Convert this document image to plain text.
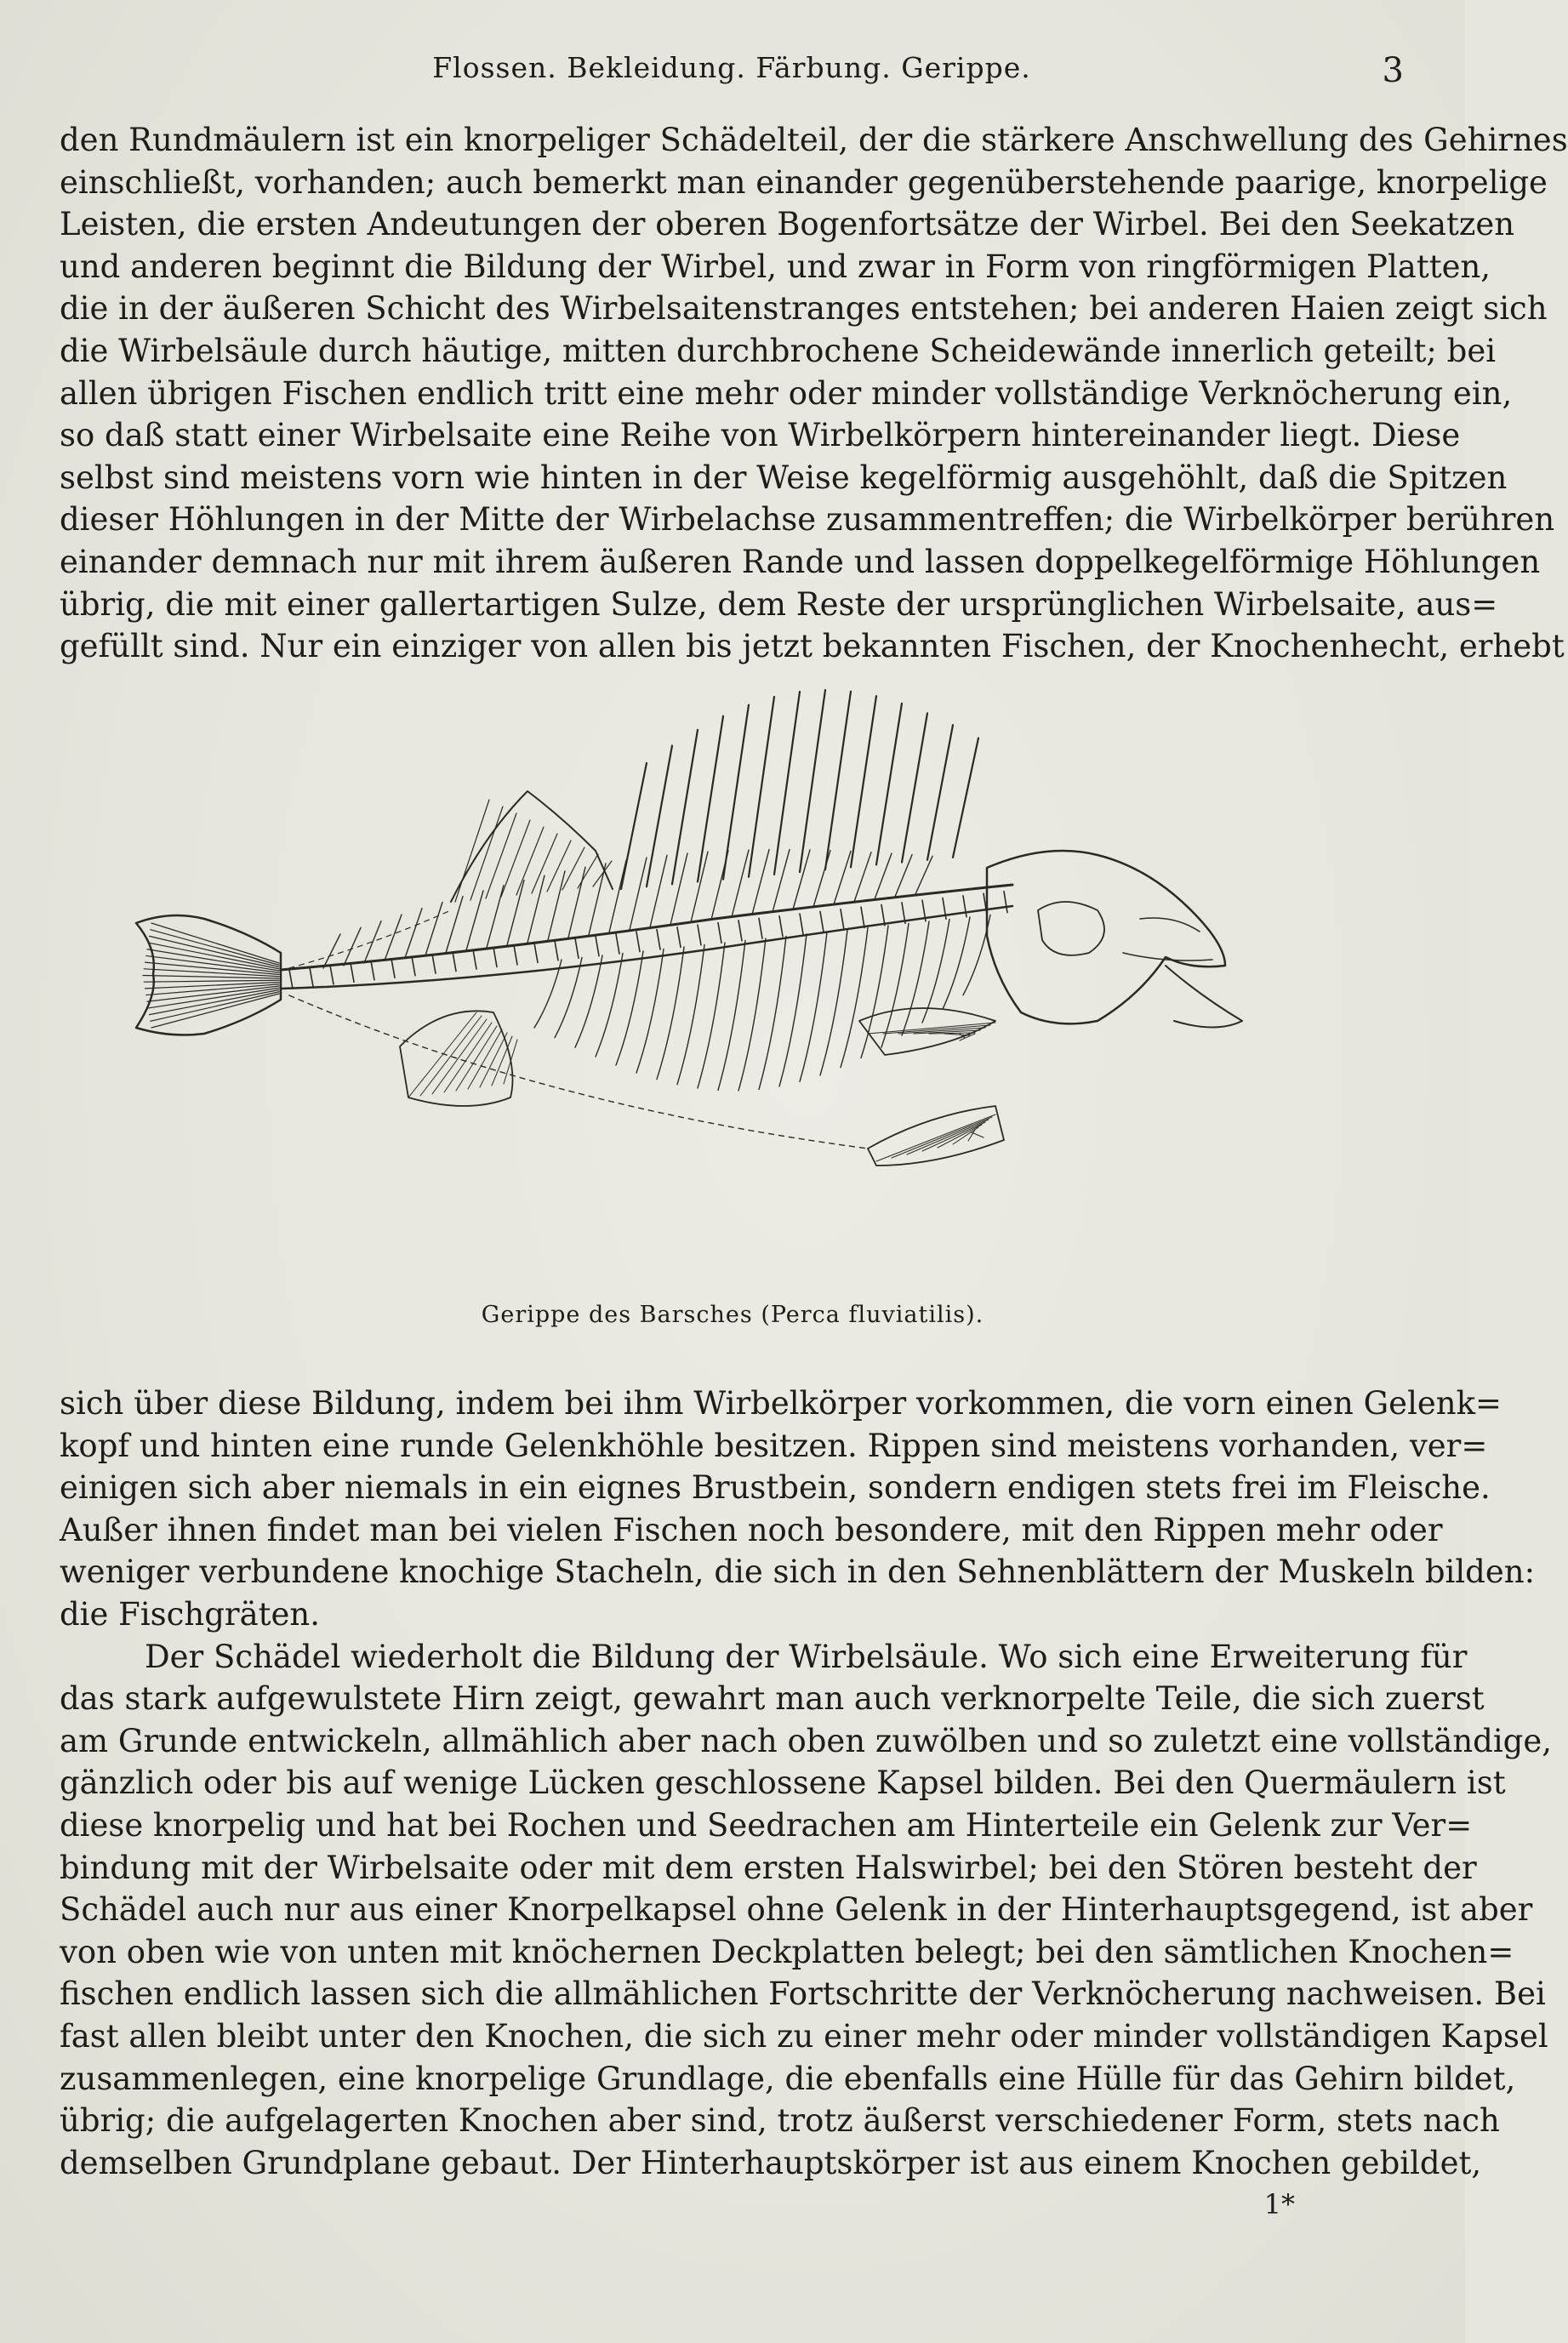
Flossen. Bekleidung. Färbung. Gerippe.	3
den Rundmäulern ist ein knorpeliger Schädelteil, der die stärkere Anschwellung des Gehirnes
einschließt, vorhanden; auch bemerkt man einander gegenüberstehende paarige, knorpelige
Leisten, die ersten Andeutungen der oberen Bogenfortsätze der Wirbel. Bei den Seekatzen
und anderen beginnt die Bildung der Wirbel, und zwar in Form von ringförmigen Platten,
die in der äußeren Schicht des Wirbelsaitenstranges entstehen; bei anderen Haien zeigt sich
die Wirbelsäule durch häutige, mitten durchbrochene Scheidewände innerlich geteilt; bei
allen übrigen Fischen endlich tritt eine mehr oder minder vollständige Verknöcherung ein,
so daß statt einer Wirbelsaite eine Reihe von Wirbelkörpern hintereinander liegt. Diese
selbst sind meistens vorn wie hinten in der Weise kegelförmig ausgehöhlt, daß die Spitzen
dieser Höhlungen in der Mitte der Wirbelachse zusammentreffen; die Wirbelkörper berühren
einander demnach nur mit ihrem äußeren Rande und lassen doppelkegelförmige Höhlungen
übrig, die mit einer gallertartigen Sulze, dem Reste der ursprünglichen Wirbelsaite, aus=
gefüllt sind. Nur ein einziger von allen bis jetzt bekannten Fischen, der Knochenhecht, erhebt
Gerippe des Barsches (Perca fluviatilis).
sich über diese Bildung, indem bei ihm Wirbelkörper vorkommen, die vorn einen Gelenk=
kopf und hinten eine runde Gelenkhöhle besitzen. Rippen sind meistens vorhanden, ver=
einigen sich aber niemals in ein eignes Brustbein, sondern endigen stets frei im Fleische.
Außer ihnen findet man bei vielen Fischen noch besondere, mit den Rippen mehr oder
weniger verbundene knochige Stacheln, die sich in den Sehnenblättern der Muskeln bilden:
die Fischgräten.
Der Schädel wiederholt die Bildung der Wirbelsäule. Wo sich eine Erweiterung für
das stark aufgewulstete Hirn zeigt, gewahrt man auch verknorpelte Teile, die sich zuerst
am Grunde entwickeln, allmählich aber nach oben zuwölben und so zuletzt eine vollständige,
gänzlich oder bis auf wenige Lücken geschlossene Kapsel bilden. Bei den Quermäulern ist
diese knorpelig und hat bei Rochen und Seedrachen am Hinterteile ein Gelenk zur Ver=
bindung mit der Wirbelsaite oder mit dem ersten Halswirbel; bei den Stören besteht der
Schädel auch nur aus einer Knorpelkapsel ohne Gelenk in der Hinterhauptsgegend, ist aber
von oben wie von unten mit knöchernen Deckplatten belegt; bei den sämtlichen Knochen=
fischen endlich lassen sich die allmählichen Fortschritte der Verknöcherung nachweisen. Bei
fast allen bleibt unter den Knochen, die sich zu einer mehr oder minder vollständigen Kapsel
zusammenlegen, eine knorpelige Grundlage, die ebenfalls eine Hülle für das Gehirn bildet,
übrig; die aufgelagerten Knochen aber sind, trotz äußerst verschiedener Form, stets nach
demselben Grundplane gebaut. Der Hinterhauptskörper ist aus einem Knochen gebildet,
1*
